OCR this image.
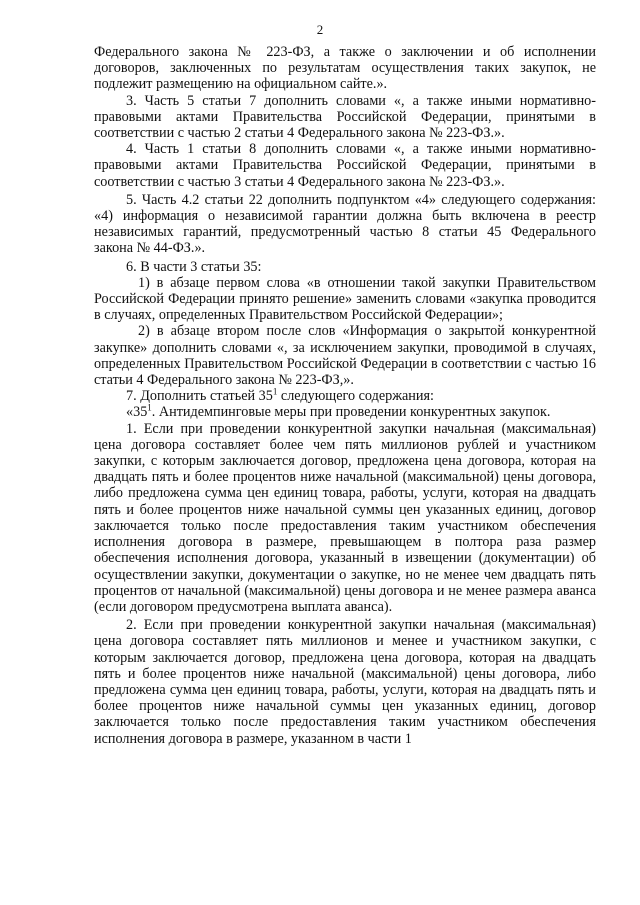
2

Федерального закона № 223-ФЗ, а также о заключении и об исполнении договоров, заключенных по результатам осуществления таких закупок, не подлежит размещению на официальном сайте.».

3. Часть 5 статьи 7 дополнить словами «, а также иными нормативно-правовыми актами Правительства Российской Федерации, принятыми в соответствии с частью 2 статьи 4 Федерального закона № 223-ФЗ.».

4. Часть 1 статьи 8 дополнить словами «, а также иными нормативно-правовыми актами Правительства Российской Федерации, принятыми в соответствии с частью 3 статьи 4 Федерального закона № 223-ФЗ.».

5. Часть 4.2 статьи 22 дополнить подпунктом «4» следующего содержания: «4) информация о независимой гарантии должна быть включена в реестр независимых гарантий, предусмотренный частью 8 статьи 45 Федерального закона № 44-ФЗ.».

6. В части 3 статьи 35:

1) в абзаце первом слова «в отношении такой закупки Правительством Российской Федерации принято решение» заменить словами «закупка проводится в случаях, определенных Правительством Российской Федерации»;

2) в абзаце втором после слов «Информация о закрытой конкурентной закупке» дополнить словами «, за исключением закупки, проводимой в случаях, определенных Правительством Российской Федерации в соответствии с частью 16 статьи 4 Федерального закона № 223-ФЗ,».

7. Дополнить статьей $35^1$ следующего содержания:

«$35^1$. Антидемпинговые меры при проведении конкурентных закупок.

1. Если при проведении конкурентной закупки начальная (максимальная) цена договора составляет более чем пять миллионов рублей и участником закупки, с которым заключается договор, предложена цена договора, которая на двадцать пять и более процентов ниже начальной (максимальной) цены договора, либо предложена сумма цен единиц товара, работы, услуги, которая на двадцать пять и более процентов ниже начальной суммы цен указанных единиц, договор заключается только после предоставления таким участником обеспечения исполнения договора в размере, превышающем в полтора раза размер обеспечения исполнения договора, указанный в извещении (документации) об осуществлении закупки, документации о закупке, но не менее чем двадцать пять процентов от начальной (максимальной) цены договора и не менее размера аванса (если договором предусмотрена выплата аванса).

2. Если при проведении конкурентной закупки начальная (максимальная) цена договора составляет пять миллионов и менее и участником закупки, с которым заключается договор, предложена цена договора, которая на двадцать пять и более процентов ниже начальной (максимальной) цены договора, либо предложена сумма цен единиц товара, работы, услуги, которая на двадцать пять и более процентов ниже начальной суммы цен указанных единиц, договор заключается только после предоставления таким участником обеспечения исполнения договора в размере, указанном в части 1
